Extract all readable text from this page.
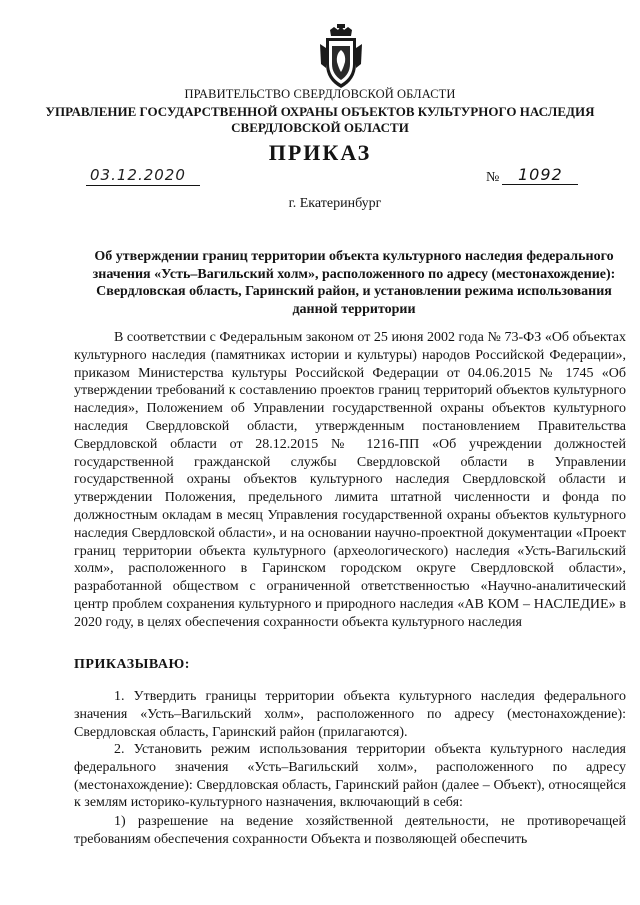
ПРАВИТЕЛЬСТВО СВЕРДЛОВСКОЙ ОБЛАСТИ
УПРАВЛЕНИЕ ГОСУДАРСТВЕННОЙ ОХРАНЫ ОБЪЕКТОВ КУЛЬТУРНОГО НАСЛЕДИЯ СВЕРДЛОВСКОЙ ОБЛАСТИ
ПРИКАЗ
03.12.2020	№	1092
г. Екатеринбург
Об утверждении границ территории объекта культурного наследия федерального значения «Усть–Вагильский холм», расположенного по адресу (местонахождение): Свердловская область, Гаринский район, и установлении режима использования данной территории
В соответствии с Федеральным законом от 25 июня 2002 года № 73-ФЗ «Об объектах культурного наследия (памятниках истории и культуры) народов Российской Федерации», приказом Министерства культуры Российской Федерации от 04.06.2015 № 1745 «Об утверждении требований к составлению проектов границ территорий объектов культурного наследия», Положением об Управлении государственной охраны объектов культурного наследия Свердловской области, утвержденным постановлением Правительства Свердловской области от 28.12.2015 № 1216-ПП «Об учреждении должностей государственной гражданской службы Свердловской области в Управлении государственной охраны объектов культурного наследия Свердловской области и утверждении Положения, предельного лимита штатной численности и фонда по должностным окладам в месяц Управления государственной охраны объектов культурного наследия Свердловской области», и на основании научно-проектной документации «Проект границ территории объекта культурного (археологического) наследия «Усть-Вагильский холм», расположенного в Гаринском городском округе Свердловской области», разработанной обществом с ограниченной ответственностью «Научно-аналитический центр проблем сохранения культурного и природного наследия «АВ КОМ – НАСЛЕДИЕ» в 2020 году, в целях обеспечения сохранности объекта культурного наследия
ПРИКАЗЫВАЮ:
1. Утвердить границы территории объекта культурного наследия федерального значения «Усть–Вагильский холм», расположенного по адресу (местонахождение): Свердловская область, Гаринский район (прилагаются).
2. Установить режим использования территории объекта культурного наследия федерального значения «Усть–Вагильский холм», расположенного по адресу (местонахождение): Свердловская область, Гаринский район (далее – Объект), относящейся к землям историко-культурного назначения, включающий в себя:
1) разрешение на ведение хозяйственной деятельности, не противоречащей требованиям обеспечения сохранности Объекта и позволяющей обеспечить
